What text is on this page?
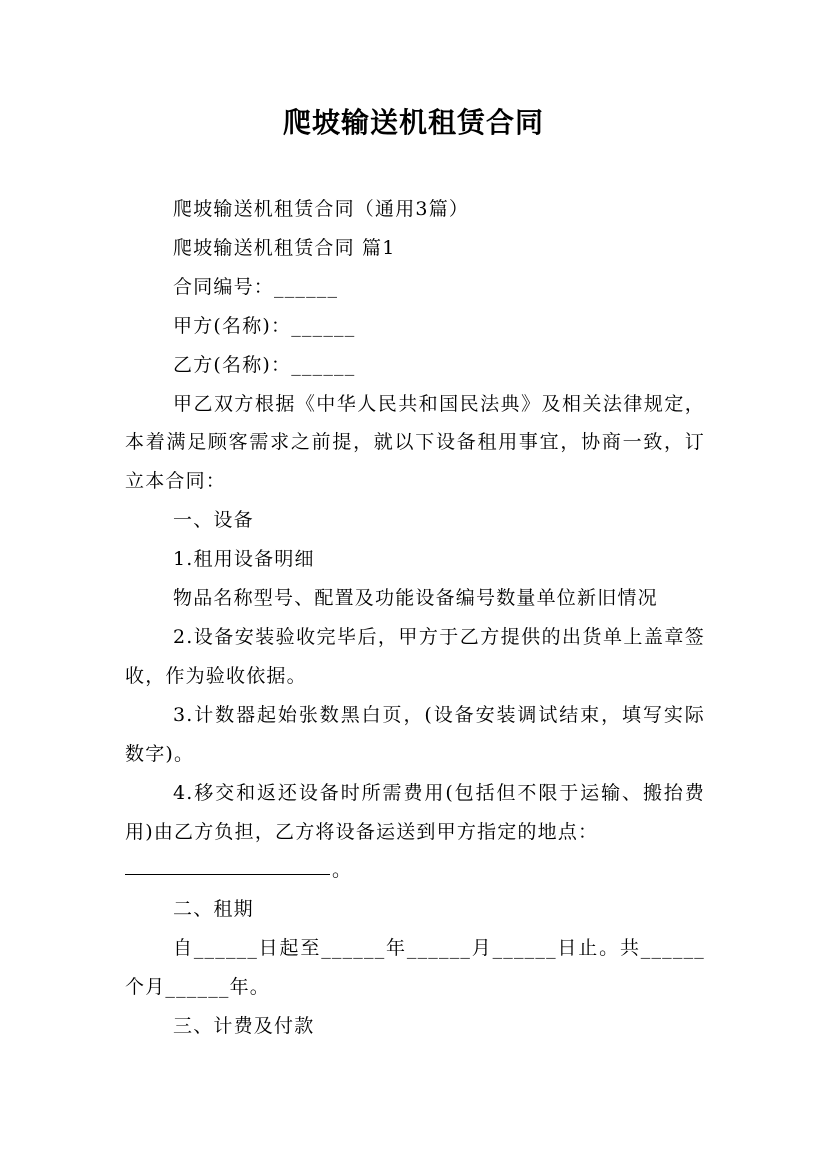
爬坡输送机租赁合同

爬坡输送机租赁合同（通用3篇）

爬坡输送机租赁合同 篇1

合同编号：______

甲方(名称)：______

乙方(名称)：______

甲乙双方根据《中华人民共和国民法典》及相关法律规定，本着满足顾客需求之前提，就以下设备租用事宜，协商一致，订立本合同：

一、设备

1.租用设备明细

物品名称型号、配置及功能设备编号数量单位新旧情况

2.设备安装验收完毕后，甲方于乙方提供的出货单上盖章签收，作为验收依据。

3.计数器起始张数黑白页，(设备安装调试结束，填写实际数字)。

4.移交和返还设备时所需费用(包括但不限于运输、搬抬费用)由乙方负担，乙方将设备运送到甲方指定的地点：

。

二、租期

自______日起至______年______月______日止。共______个月______年。

三、计费及付款
